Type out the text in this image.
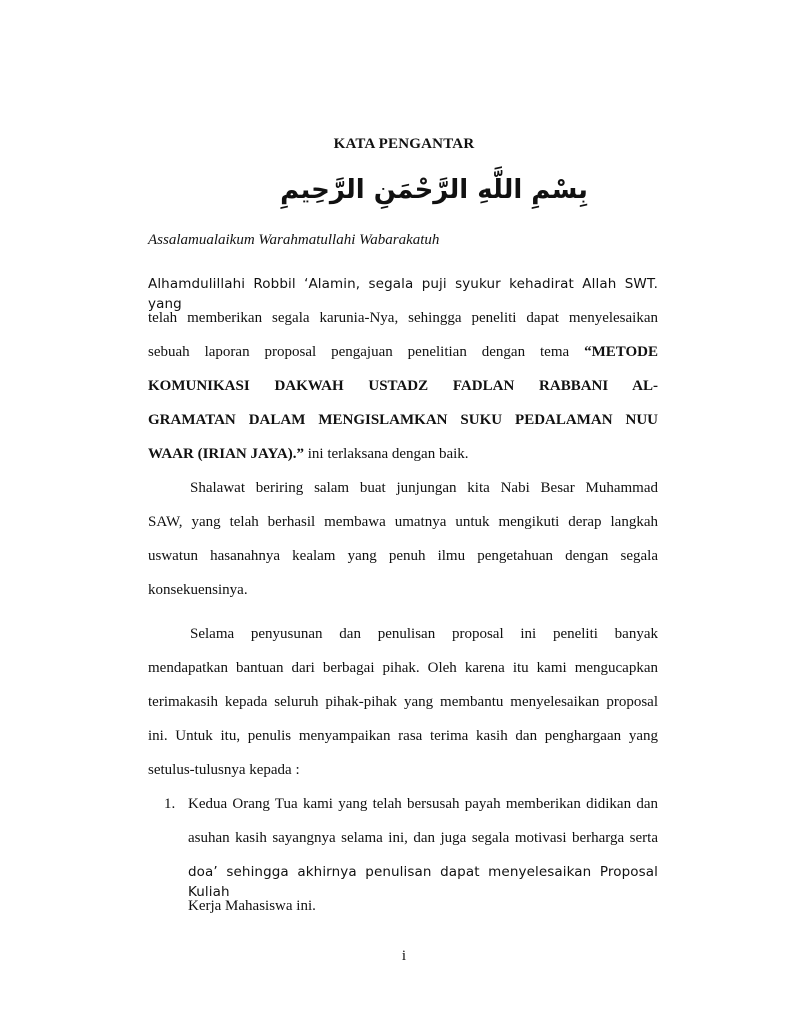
KATA PENGANTAR
بِسْمِ اللَّهِ الرَّحْمَنِ الرَّحِيمِ
Assalamualaikum Warahmatullahi Wabarakatuh
Alhamdulillahi Robbil ‘Alamin, segala puji syukur kehadirat Allah SWT. yang
telah memberikan segala karunia-Nya, sehingga peneliti dapat menyelesaikan
sebuah laporan proposal pengajuan penelitian dengan tema “METODE
KOMUNIKASI DAKWAH USTADZ FADLAN RABBANI AL-
GRAMATAN DALAM MENGISLAMKAN SUKU PEDALAMAN NUU
WAAR (IRIAN JAYA).” ini terlaksana dengan baik.
Shalawat beriring salam buat junjungan kita Nabi Besar Muhammad
SAW, yang telah berhasil membawa umatnya untuk mengikuti derap langkah
uswatun hasanahnya kealam yang penuh ilmu pengetahuan dengan segala
konsekuensinya.
Selama penyusunan dan penulisan proposal ini peneliti banyak
mendapatkan bantuan dari berbagai pihak. Oleh karena itu kami mengucapkan
terimakasih kepada seluruh pihak-pihak yang membantu menyelesaikan proposal
ini. Untuk itu, penulis menyampaikan rasa terima kasih dan penghargaan yang
setulus-tulusnya kepada :
1. Kedua Orang Tua kami yang telah bersusah payah memberikan didikan dan
asuhan kasih sayangnya selama ini, dan juga segala motivasi berharga serta
doa’ sehingga akhirnya penulisan dapat menyelesaikan Proposal Kuliah
Kerja Mahasiswa ini.
i
